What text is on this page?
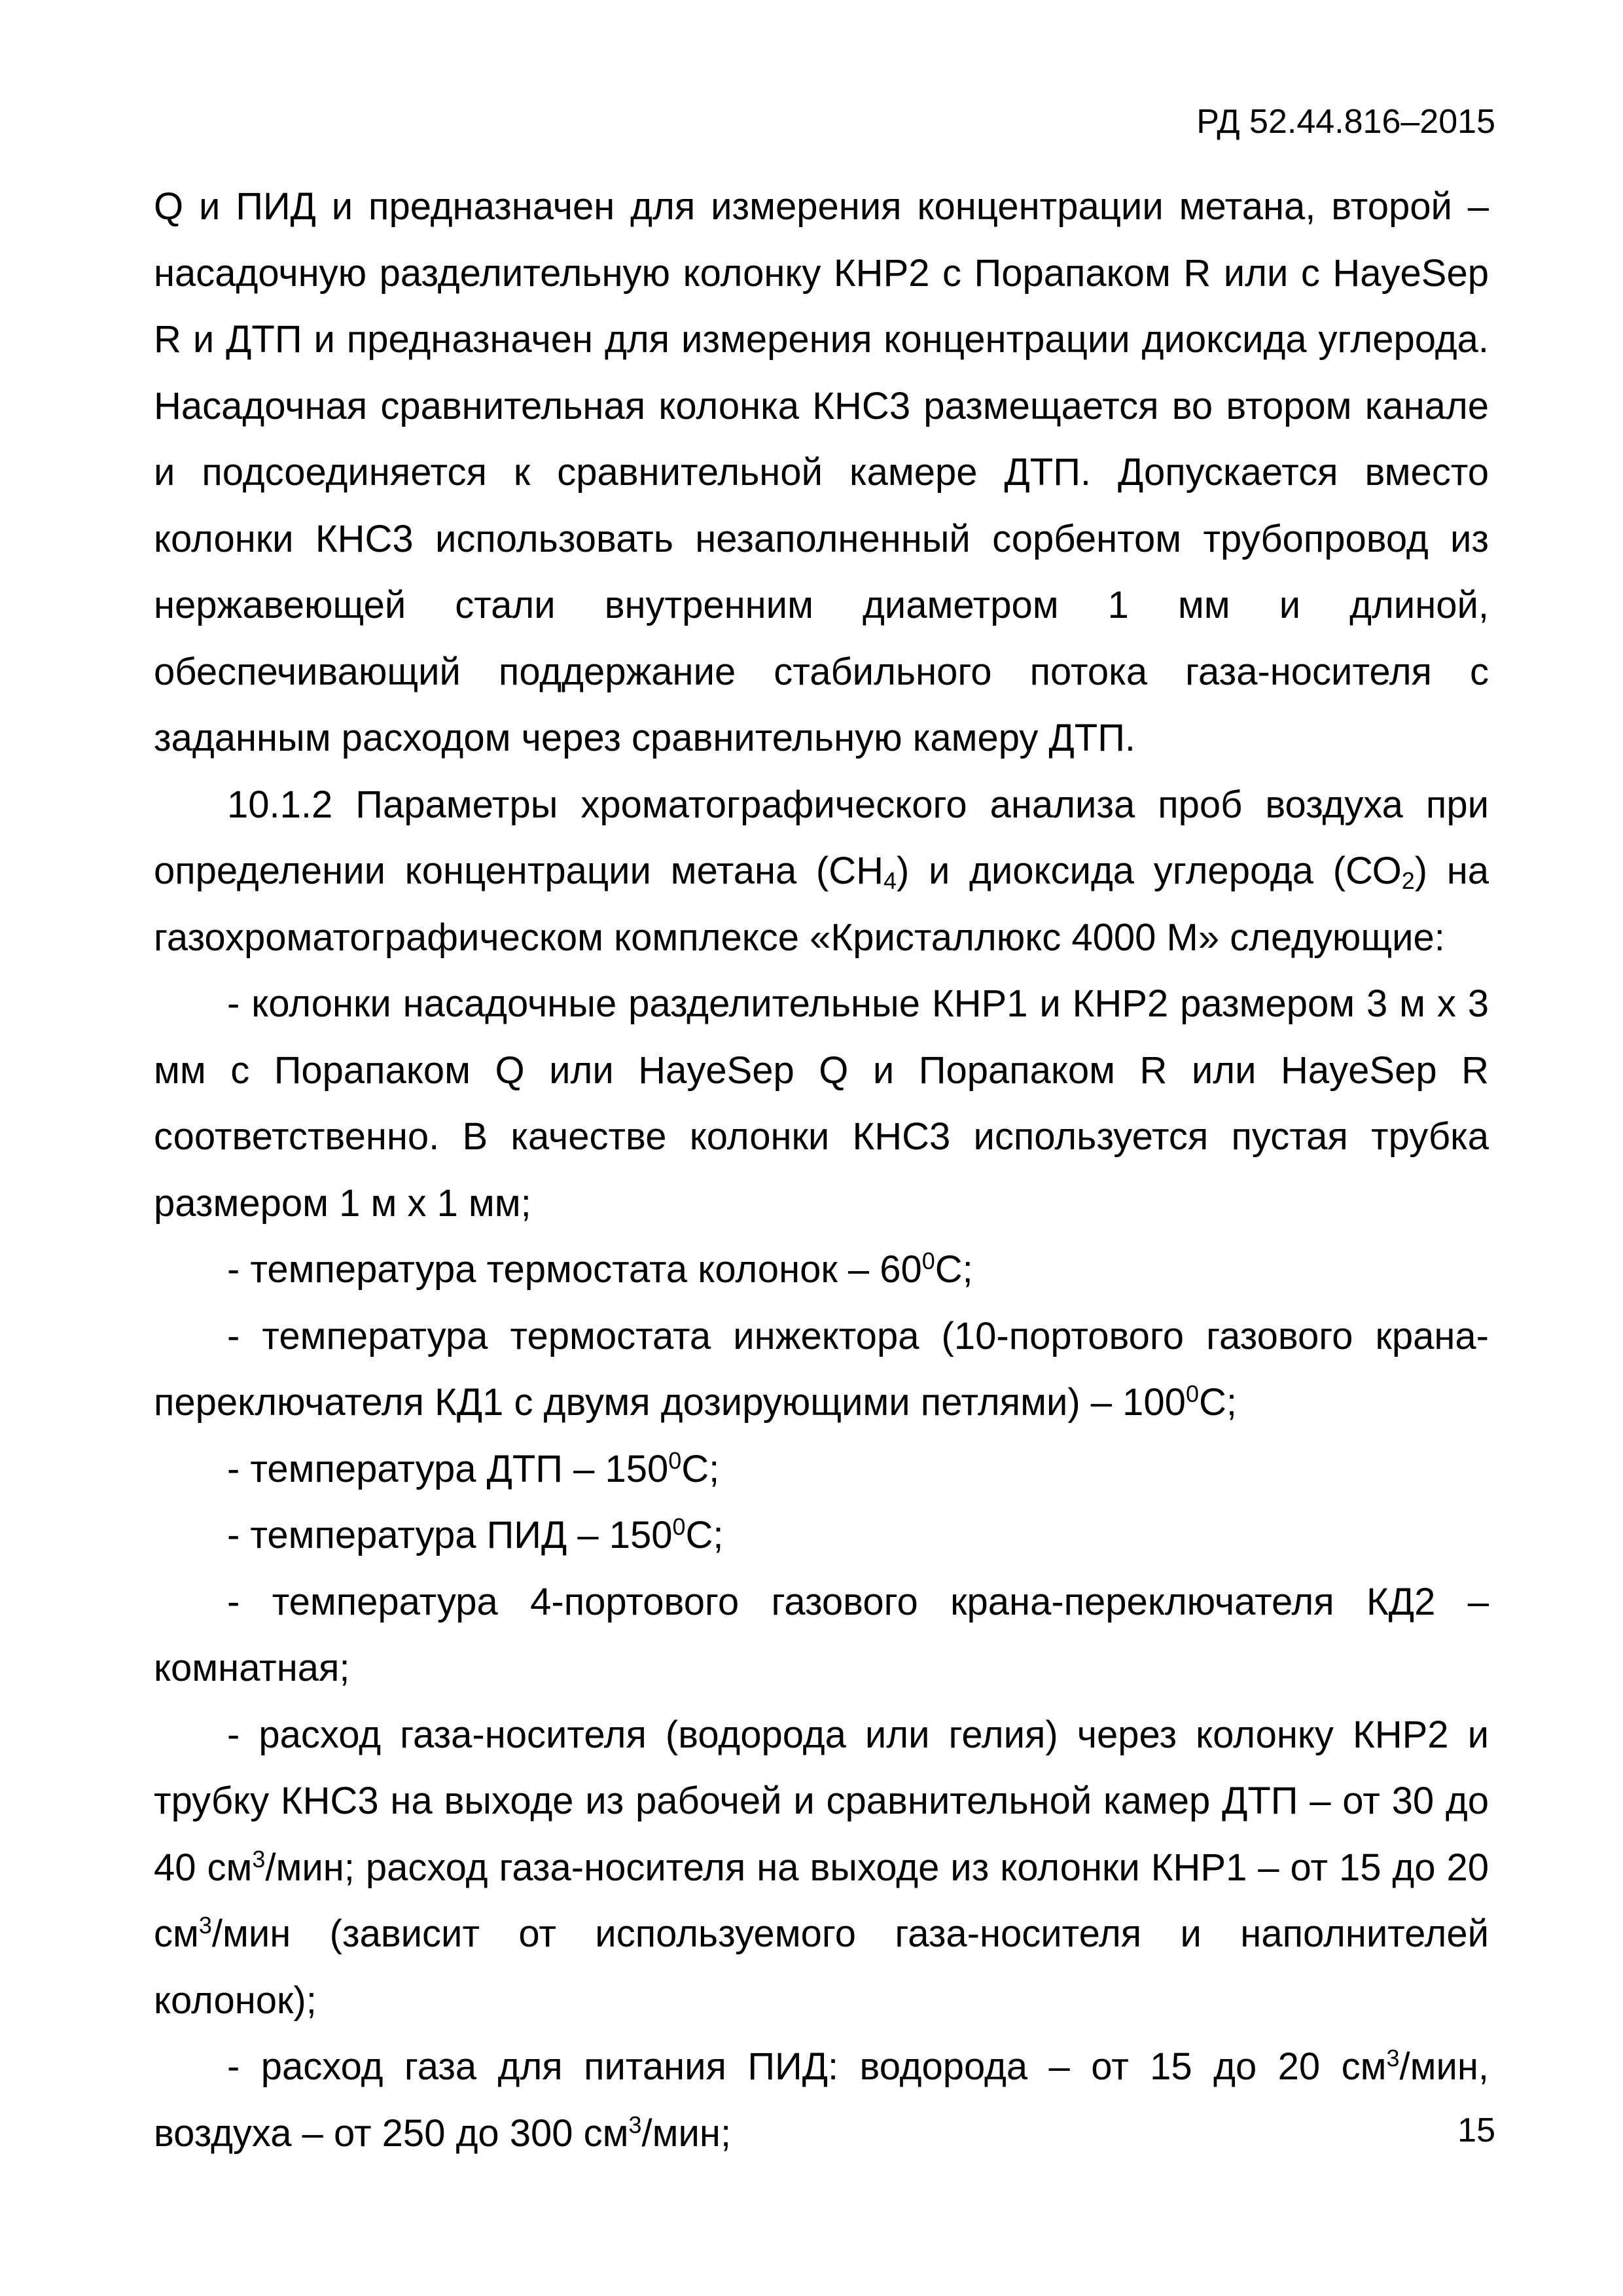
РД 52.44.816–2015

Q и ПИД и предназначен для измерения концентрации метана, второй – насадочную разделительную колонку КНР2 с Порапаком R или с HayeSep R и ДТП и предназначен для измерения концентрации диоксида углерода. Насадочная сравнительная колонка КНС3 размещается во втором канале и подсоединяется к сравнительной камере ДТП. Допускается вместо колонки КНС3 использовать незаполненный сорбентом трубопровод из нержавеющей стали внутренним диаметром 1 мм и длиной, обеспечивающий поддержание стабильного потока газа-носителя с заданным расходом через сравнительную камеру ДТП.

10.1.2 Параметры хроматографического анализа проб воздуха при определении концентрации метана $(СН_4)$ и диоксида углерода $(СО_2)$ на газохроматографическом комплексе «Кристаллюкс 4000 М» следующие:

- колонки насадочные разделительные КНР1 и КНР2 размером 3 м х 3 мм с Порапаком Q или HayeSep Q и Порапаком R или HayeSep R соответственно. В качестве колонки КНС3 используется пустая трубка размером 1 м х 1 мм;

- температура термостата колонок – $60^0С$;

- температура термостата инжектора (10-портового газового крана-переключателя КД1 с двумя дозирующими петлями) – $100^0С$;

- температура ДТП – $150^0С$;

- температура ПИД – $150^0С$;

- температура 4-портового газового крана-переключателя КД2 – комнатная;

- расход газа-носителя (водорода или гелия) через колонку КНР2 и трубку КНС3 на выходе из рабочей и сравнительной камер ДТП – от 30 до 40 $см^3$/мин; расход газа-носителя на выходе из колонки КНР1 – от 15 до 20 $см^3$/мин (зависит от используемого газа-носителя и наполнителей колонок);

- расход газа для питания ПИД: водорода – от 15 до 20 $см^3$/мин, воздуха – от 250 до 300 $см^3$/мин;	15
